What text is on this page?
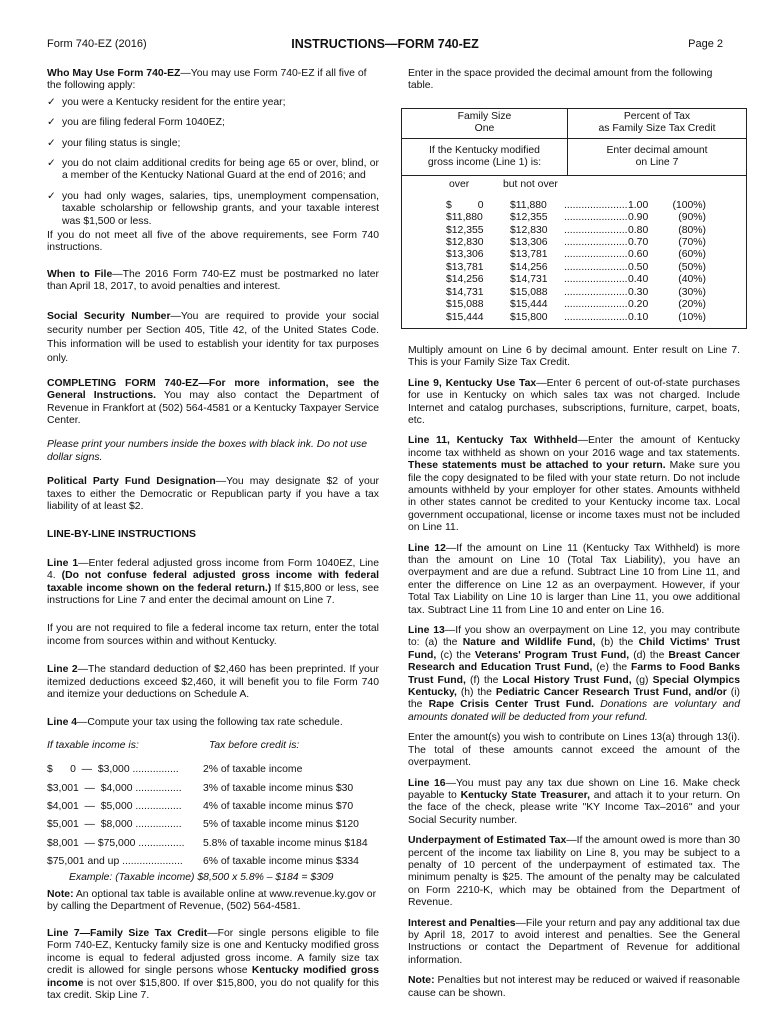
Form 740-EZ (2016)	INSTRUCTIONS—FORM 740-EZ	Page 2

Who May Use Form 740-EZ—You may use Form 740-EZ if all five of the following apply:

✓ you were a Kentucky resident for the entire year;
✓ you are filing federal Form 1040EZ;
✓ your filing status is single;
✓ you do not claim additional credits for being age 65 or over, blind, or a member of the Kentucky National Guard at the end of 2016; and
✓ you had only wages, salaries, tips, unemployment compensation, taxable scholarship or fellowship grants, and your taxable interest was $1,500 or less.

If you do not meet all five of the above requirements, see Form 740 instructions.

When to File—The 2016 Form 740-EZ must be postmarked no later than April 18, 2017, to avoid penalties and interest.

Social Security Number—You are required to provide your social security number per Section 405, Title 42, of the United States Code. This information will be used to establish your identity for tax purposes only.

COMPLETING FORM 740-EZ—For more information, see the General Instructions. You may also contact the Department of Revenue in Frankfort at (502) 564-4581 or a Kentucky Taxpayer Service Center.

Please print your numbers inside the boxes with black ink. Do not use dollar signs.

Political Party Fund Designation—You may designate $2 of your taxes to either the Democratic or Republican party if you have a tax liability of at least $2.

LINE-BY-LINE INSTRUCTIONS

Line 1—Enter federal adjusted gross income from Form 1040EZ, Line 4. (Do not confuse federal adjusted gross income with federal taxable income shown on the federal return.) If $15,800 or less, see instructions for Line 7 and enter the decimal amount on Line 7.

If you are not required to file a federal income tax return, enter the total income from sources within and without Kentucky.

Line 2—The standard deduction of $2,460 has been preprinted. If your itemized deductions exceed $2,460, it will benefit you to file Form 740 and itemize your deductions on Schedule A.

Line 4—Compute your tax using the following tax rate schedule.

If taxable income is:	Tax before credit is:
$      0  —  $3,000 ................	2% of taxable income
$3,001  —  $4,000 ................	3% of taxable income minus $30
$4,001  —  $5,000 ................	4% of taxable income minus $70
$5,001  —  $8,000 ................	5% of taxable income minus $120
$8,001  — $75,000 ................	5.8% of taxable income minus $184
$75,001 and up .....................	6% of taxable income minus $334
Example: (Taxable income) $8,500 x 5.8% – $184 = $309

Note: An optional tax table is available online at www.revenue.ky.gov or by calling the Department of Revenue, (502) 564-4581.

Line 7—Family Size Tax Credit—For single persons eligible to file Form 740-EZ, Kentucky family size is one and Kentucky modified gross income is equal to federal adjusted gross income. A family size tax credit is allowed for single persons whose Kentucky modified gross income is not over $15,800. If over $15,800, you do not qualify for this tax credit. Skip Line 7.

Enter in the space provided the decimal amount from the following table.

Family Size
One
Percent of Tax
as Family Size Tax Credit
If the Kentucky modified
gross income (Line 1) is:
Enter decimal amount
on Line 7
over	but not over
$         0	$11,880	...................... 1.00	(100%)
$11,880	$12,355	...................... 0.90	(90%)
$12,355	$12,830	...................... 0.80	(80%)
$12,830	$13,306	...................... 0.70	(70%)
$13,306	$13,781	...................... 0.60	(60%)
$13,781	$14,256	...................... 0.50	(50%)
$14,256	$14,731	...................... 0.40	(40%)
$14,731	$15,088	...................... 0.30	(30%)
$15,088	$15,444	...................... 0.20	(20%)
$15,444	$15,800	...................... 0.10	(10%)

Multiply amount on Line 6 by decimal amount. Enter result on Line 7. This is your Family Size Tax Credit.

Line 9, Kentucky Use Tax—Enter 6 percent of out-of-state purchases for use in Kentucky on which sales tax was not charged. Include Internet and catalog purchases, subscriptions, furniture, carpet, boats, etc.

Line 11, Kentucky Tax Withheld—Enter the amount of Kentucky income tax withheld as shown on your 2016 wage and tax statements. These statements must be attached to your return. Make sure you file the copy designated to be filed with your state return. Do not include amounts withheld by your employer for other states. Amounts withheld in other states cannot be credited to your Kentucky income tax. Local government occupational, license or income taxes must not be included on Line 11.

Line 12—If the amount on Line 11 (Kentucky Tax Withheld) is more than the amount on Line 10 (Total Tax Liability), you have an overpayment and are due a refund. Subtract Line 10 from Line 11, and enter the difference on Line 12 as an overpayment. However, if your Total Tax Liability on Line 10 is larger than Line 11, you owe additional tax. Subtract Line 11 from Line 10 and enter on Line 16.

Line 13—If you show an overpayment on Line 12, you may contribute to: (a) the Nature and Wildlife Fund, (b) the Child Victims' Trust Fund, (c) the Veterans' Program Trust Fund, (d) the Breast Cancer Research and Education Trust Fund, (e) the Farms to Food Banks Trust Fund, (f) the Local History Trust Fund, (g) Special Olympics Kentucky, (h) the Pediatric Cancer Research Trust Fund, and/or (i) the Rape Crisis Center Trust Fund. Donations are voluntary and amounts donated will be deducted from your refund.

Enter the amount(s) you wish to contribute on Lines 13(a) through 13(i). The total of these amounts cannot exceed the amount of the overpayment.

Line 16—You must pay any tax due shown on Line 16. Make check payable to Kentucky State Treasurer, and attach it to your return. On the face of the check, please write "KY Income Tax–2016" and your Social Security number.

Underpayment of Estimated Tax—If the amount owed is more than 30 percent of the income tax liability on Line 8, you may be subject to a penalty of 10 percent of the underpayment of estimated tax. The minimum penalty is $25. The amount of the penalty may be calculated on Form 2210-K, which may be obtained from the Department of Revenue.

Interest and Penalties—File your return and pay any additional tax due by April 18, 2017 to avoid interest and penalties. See the General Instructions or contact the Department of Revenue for additional information.

Note: Penalties but not interest may be reduced or waived if reasonable cause can be shown.
